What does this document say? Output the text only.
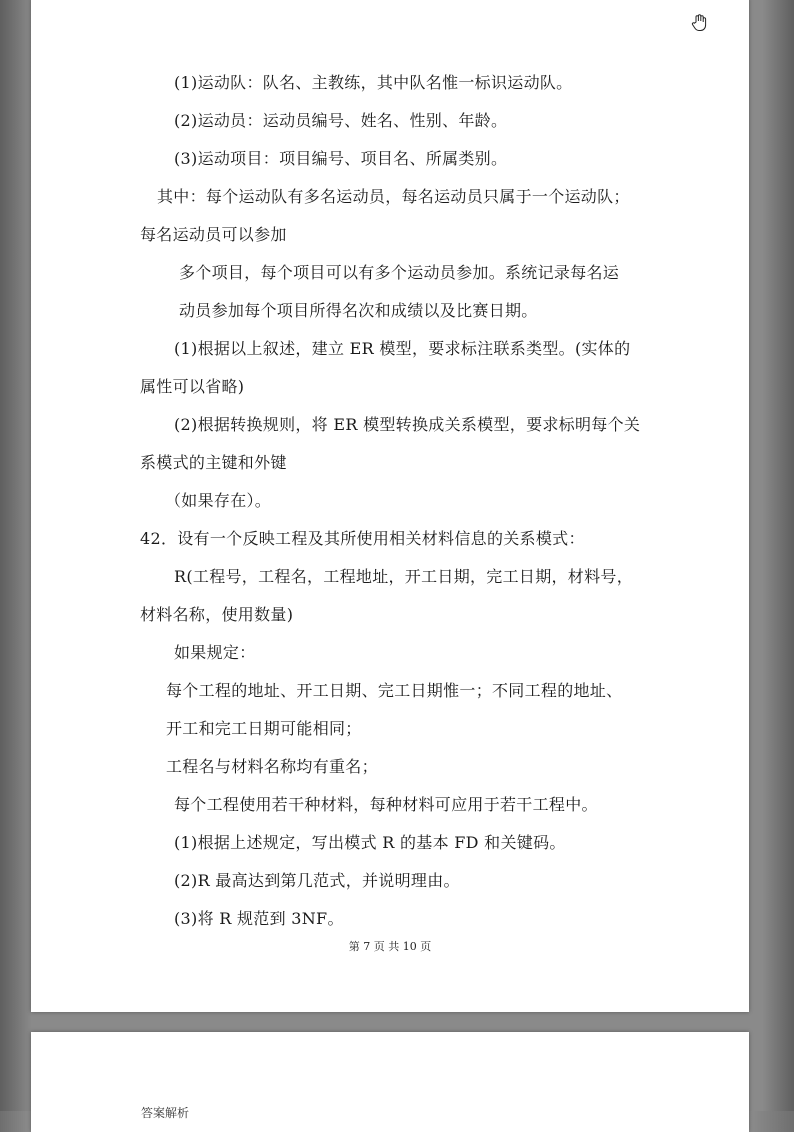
(1)运动队：队名、主教练，其中队名惟一标识运动队。
(2)运动员：运动员编号、姓名、性别、年龄。
(3)运动项目：项目编号、项目名、所属类别。
其中：每个运动队有多名运动员，每名运动员只属于一个运动队；
每名运动员可以参加
多个项目，每个项目可以有多个运动员参加。系统记录每名运
动员参加每个项目所得名次和成绩以及比赛日期。
(1)根据以上叙述，建立 ER 模型，要求标注联系类型。(实体的
属性可以省略)
(2)根据转换规则，将 ER 模型转换成关系模型，要求标明每个关
系模式的主键和外键
（如果存在）。
42．设有一个反映工程及其所使用相关材料信息的关系模式：
R(工程号，工程名，工程地址，开工日期，完工日期，材料号，
材料名称，使用数量)
如果规定：
每个工程的地址、开工日期、完工日期惟一；不同工程的地址、
开工和完工日期可能相同；
工程名与材料名称均有重名；
每个工程使用若干种材料，每种材料可应用于若干工程中。
(1)根据上述规定，写出模式 R 的基本 FD 和关键码。
(2)R 最高达到第几范式，并说明理由。
(3)将 R 规范到 3NF。
第 7 页 共 10 页
答案解析
